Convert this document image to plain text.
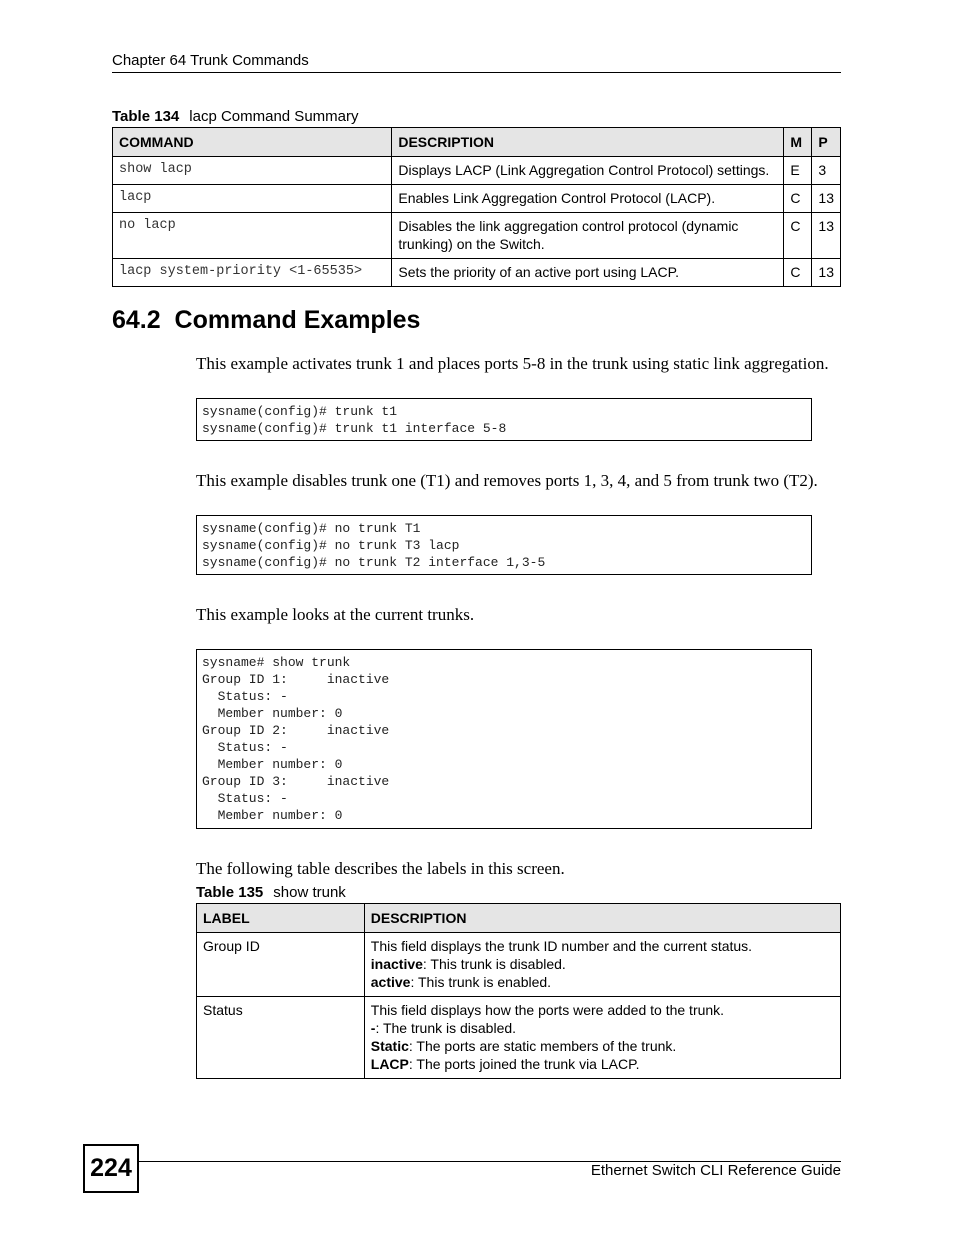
Chapter 64 Trunk Commands
Table 134 lacp Command Summary
COMMAND	DESCRIPTION	M	P
show lacp	Displays LACP (Link Aggregation Control Protocol) settings.	E	3
lacp	Enables Link Aggregation Control Protocol (LACP).	C	13
no lacp	Disables the link aggregation control protocol (dynamic trunking) on the Switch.	C	13
lacp system-priority <1-65535>	Sets the priority of an active port using LACP.	C	13
64.2  Command Examples
This example activates trunk 1 and places ports 5-8 in the trunk using static link aggregation.
sysname(config)# trunk t1
sysname(config)# trunk t1 interface 5-8
This example disables trunk one (T1) and removes ports 1, 3, 4, and 5 from trunk two (T2).
sysname(config)# no trunk T1
sysname(config)# no trunk T3 lacp
sysname(config)# no trunk T2 interface 1,3-5
This example looks at the current trunks.
sysname# show trunk
Group ID 1:     inactive
Status: -
Member number: 0
Group ID 2:     inactive
Status: -
Member number: 0
Group ID 3:     inactive
Status: -
Member number: 0
The following table describes the labels in this screen.
Table 135 show trunk
LABEL	DESCRIPTION
Group ID	This field displays the trunk ID number and the current status.
inactive: This trunk is disabled.
active: This trunk is enabled.

Status	This field displays how the ports were added to the trunk.
-: The trunk is disabled.
Static: The ports are static members of the trunk.
LACP: The ports joined the trunk via LACP.
224	Ethernet Switch CLI Reference Guide
